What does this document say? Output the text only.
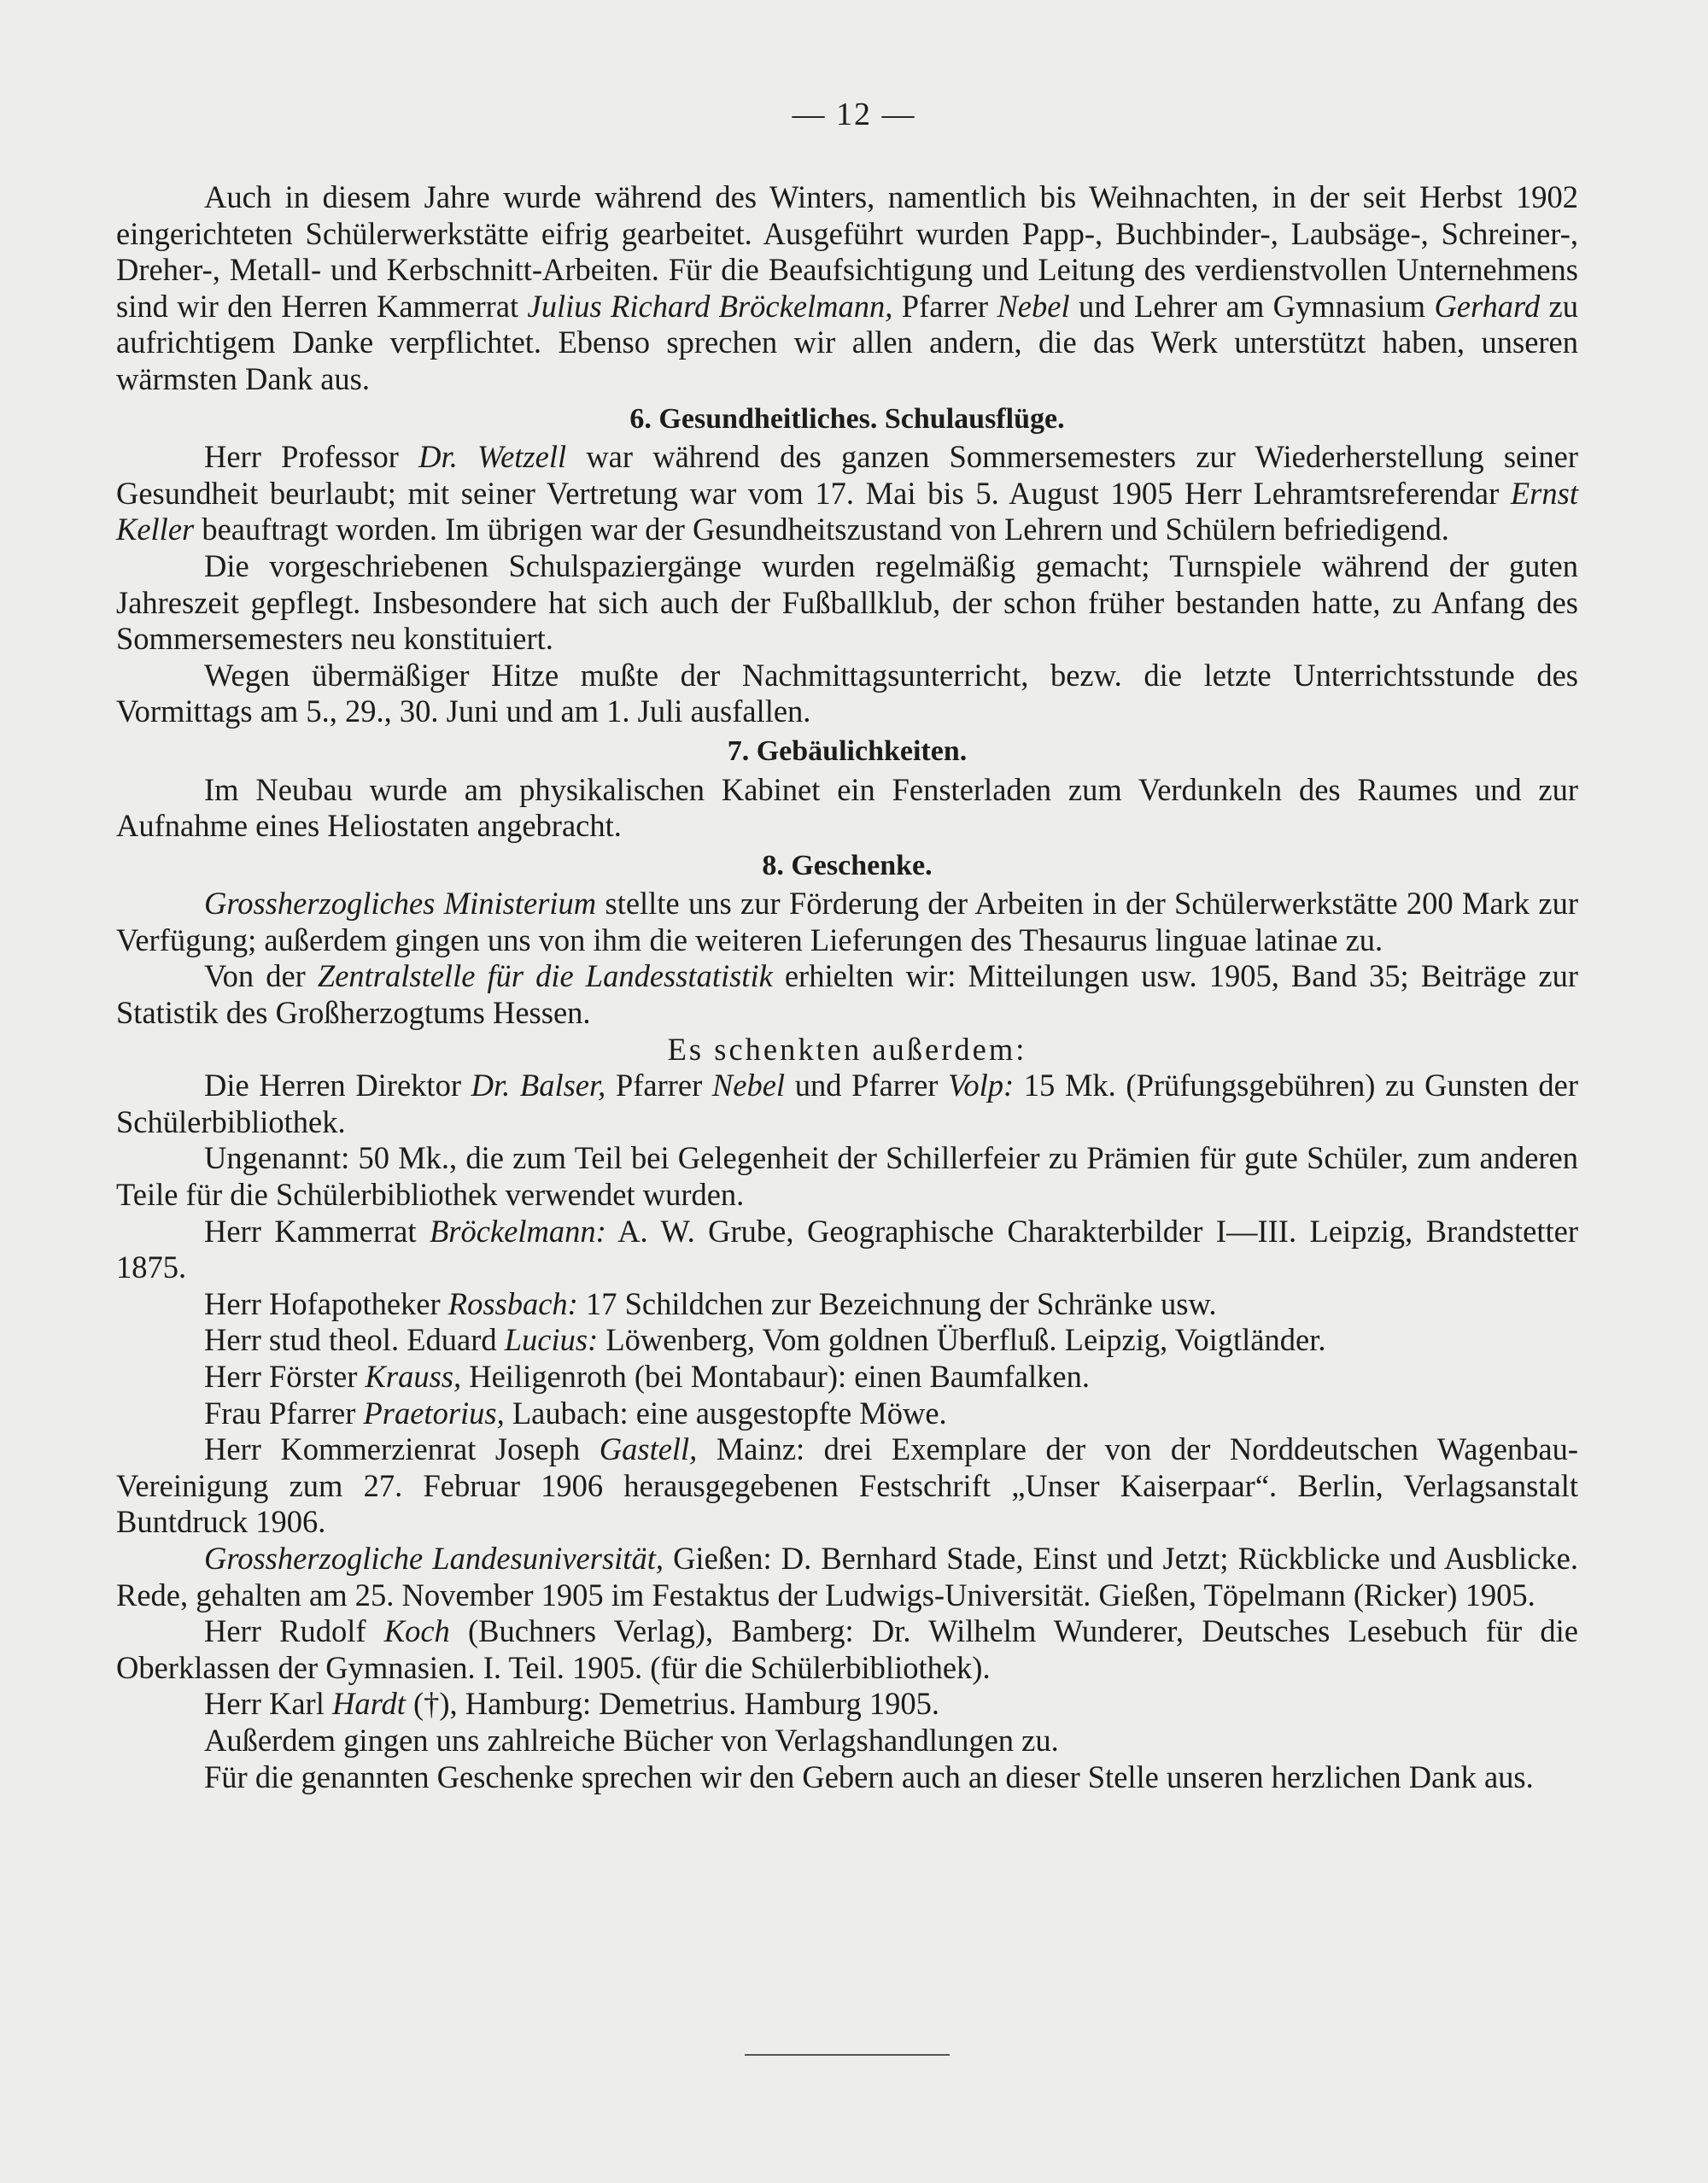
— 12 —

Auch in diesem Jahre wurde während des Winters, namentlich bis Weihnachten, in der seit Herbst 1902 eingerichteten Schülerwerkstätte eifrig gearbeitet. Ausgeführt wurden Papp-, Buchbinder-, Laubsäge-, Schreiner-, Dreher-, Metall- und Kerbschnitt-Arbeiten. Für die Beaufsichtigung und Leitung des verdienstvollen Unternehmens sind wir den Herren Kammerrat Julius Richard Bröckelmann, Pfarrer Nebel und Lehrer am Gymnasium Gerhard zu aufrichtigem Danke verpflichtet. Ebenso sprechen wir allen andern, die das Werk unterstützt haben, unseren wärmsten Dank aus.

6. Gesundheitliches. Schulausflüge.

Herr Professor Dr. Wetzell war während des ganzen Sommersemesters zur Wiederherstellung seiner Gesundheit beurlaubt; mit seiner Vertretung war vom 17. Mai bis 5. August 1905 Herr Lehramtsreferendar Ernst Keller beauftragt worden. Im übrigen war der Gesundheitszustand von Lehrern und Schülern befriedigend.

Die vorgeschriebenen Schulspaziergänge wurden regelmäßig gemacht; Turnspiele während der guten Jahreszeit gepflegt. Insbesondere hat sich auch der Fußballklub, der schon früher bestanden hatte, zu Anfang des Sommersemesters neu konstituiert.

Wegen übermäßiger Hitze mußte der Nachmittagsunterricht, bezw. die letzte Unterrichtsstunde des Vormittags am 5., 29., 30. Juni und am 1. Juli ausfallen.

7. Gebäulichkeiten.

Im Neubau wurde am physikalischen Kabinet ein Fensterladen zum Verdunkeln des Raumes und zur Aufnahme eines Heliostaten angebracht.

8. Geschenke.

Grossherzogliches Ministerium stellte uns zur Förderung der Arbeiten in der Schülerwerkstätte 200 Mark zur Verfügung; außerdem gingen uns von ihm die weiteren Lieferungen des Thesaurus linguae latinae zu.

Von der Zentralstelle für die Landesstatistik erhielten wir: Mitteilungen usw. 1905, Band 35; Beiträge zur Statistik des Großherzogtums Hessen.

Es schenkten außerdem:

Die Herren Direktor Dr. Balser, Pfarrer Nebel und Pfarrer Volp: 15 Mk. (Prüfungsgebühren) zu Gunsten der Schülerbibliothek.

Ungenannt: 50 Mk., die zum Teil bei Gelegenheit der Schillerfeier zu Prämien für gute Schüler, zum anderen Teile für die Schülerbibliothek verwendet wurden.

Herr Kammerrat Bröckelmann: A. W. Grube, Geographische Charakterbilder I—III. Leipzig, Brandstetter 1875.

Herr Hofapotheker Rossbach: 17 Schildchen zur Bezeichnung der Schränke usw.

Herr stud theol. Eduard Lucius: Löwenberg, Vom goldnen Überfluß. Leipzig, Voigtländer.

Herr Förster Krauss, Heiligenroth (bei Montabaur): einen Baumfalken.

Frau Pfarrer Praetorius, Laubach: eine ausgestopfte Möwe.

Herr Kommerzienrat Joseph Gastell, Mainz: drei Exemplare der von der Norddeutschen Wagenbau-Vereinigung zum 27. Februar 1906 herausgegebenen Festschrift „Unser Kaiserpaar“. Berlin, Verlagsanstalt Buntdruck 1906.

Grossherzogliche Landesuniversität, Gießen: D. Bernhard Stade, Einst und Jetzt; Rückblicke und Ausblicke. Rede, gehalten am 25. November 1905 im Festaktus der Ludwigs-Universität. Gießen, Töpelmann (Ricker) 1905.

Herr Rudolf Koch (Buchners Verlag), Bamberg: Dr. Wilhelm Wunderer, Deutsches Lesebuch für die Oberklassen der Gymnasien. I. Teil. 1905. (für die Schülerbibliothek).

Herr Karl Hardt (†), Hamburg: Demetrius. Hamburg 1905.

Außerdem gingen uns zahlreiche Bücher von Verlagshandlungen zu.

Für die genannten Geschenke sprechen wir den Gebern auch an dieser Stelle unseren herzlichen Dank aus.
